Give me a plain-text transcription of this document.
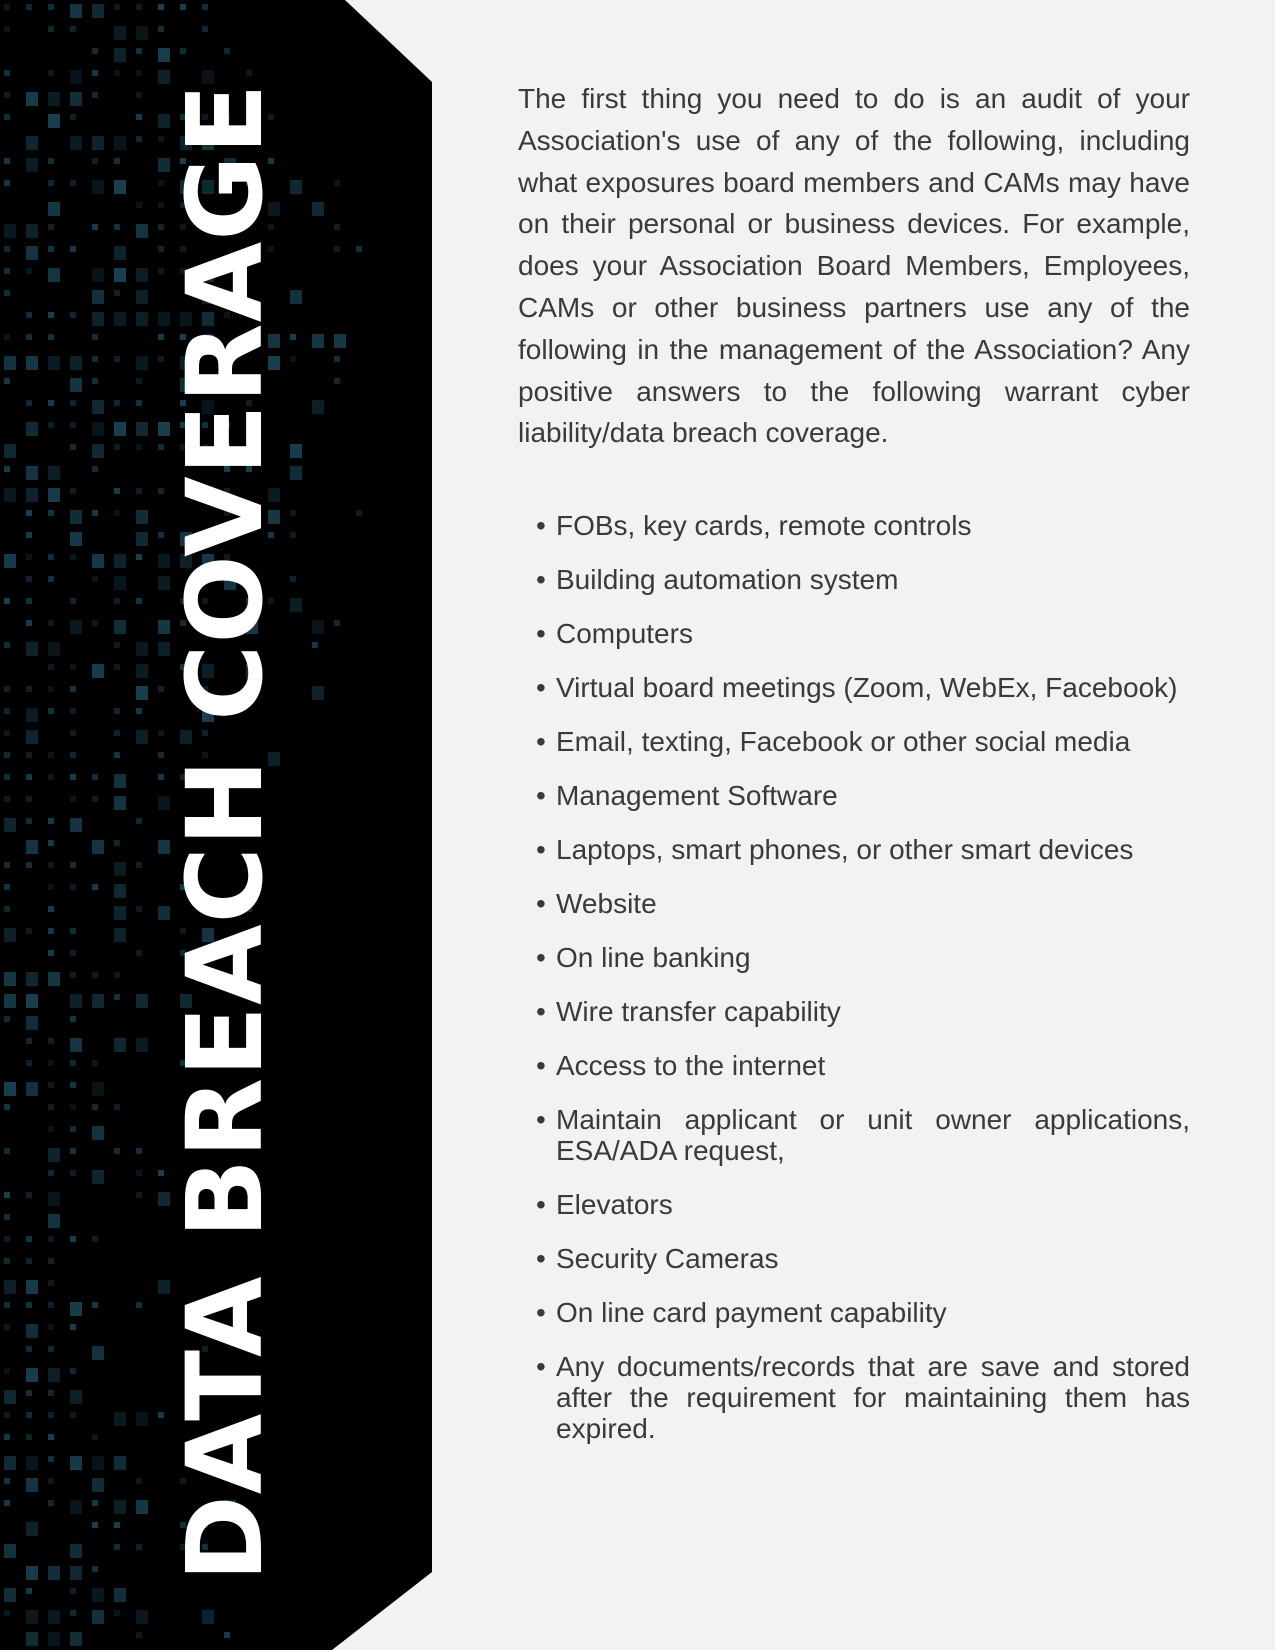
DATA BREACH COVERAGE	The first thing you need to do is an audit of your Association's use of any of the following, including what exposures board members and CAMs may have on their personal or business devices. For example, does your Association Board Members, Employees, CAMs or other business partners use any of the following in the management of the Association? Any positive answers to the following warrant cyber liability/data breach coverage.

• FOBs, key cards, remote controls
• Building automation system
• Computers
• Virtual board meetings (Zoom, WebEx, Facebook)
• Email, texting, Facebook or other social media
• Management Software
• Laptops, smart phones, or other smart devices
• Website
• On line banking
• Wire transfer capability
• Access to the internet
• Maintain applicant or unit owner applications, ESA/ADA request,
• Elevators
• Security Cameras
• On line card payment capability
• Any documents/records that are save and stored after the requirement for maintaining them has expired.
